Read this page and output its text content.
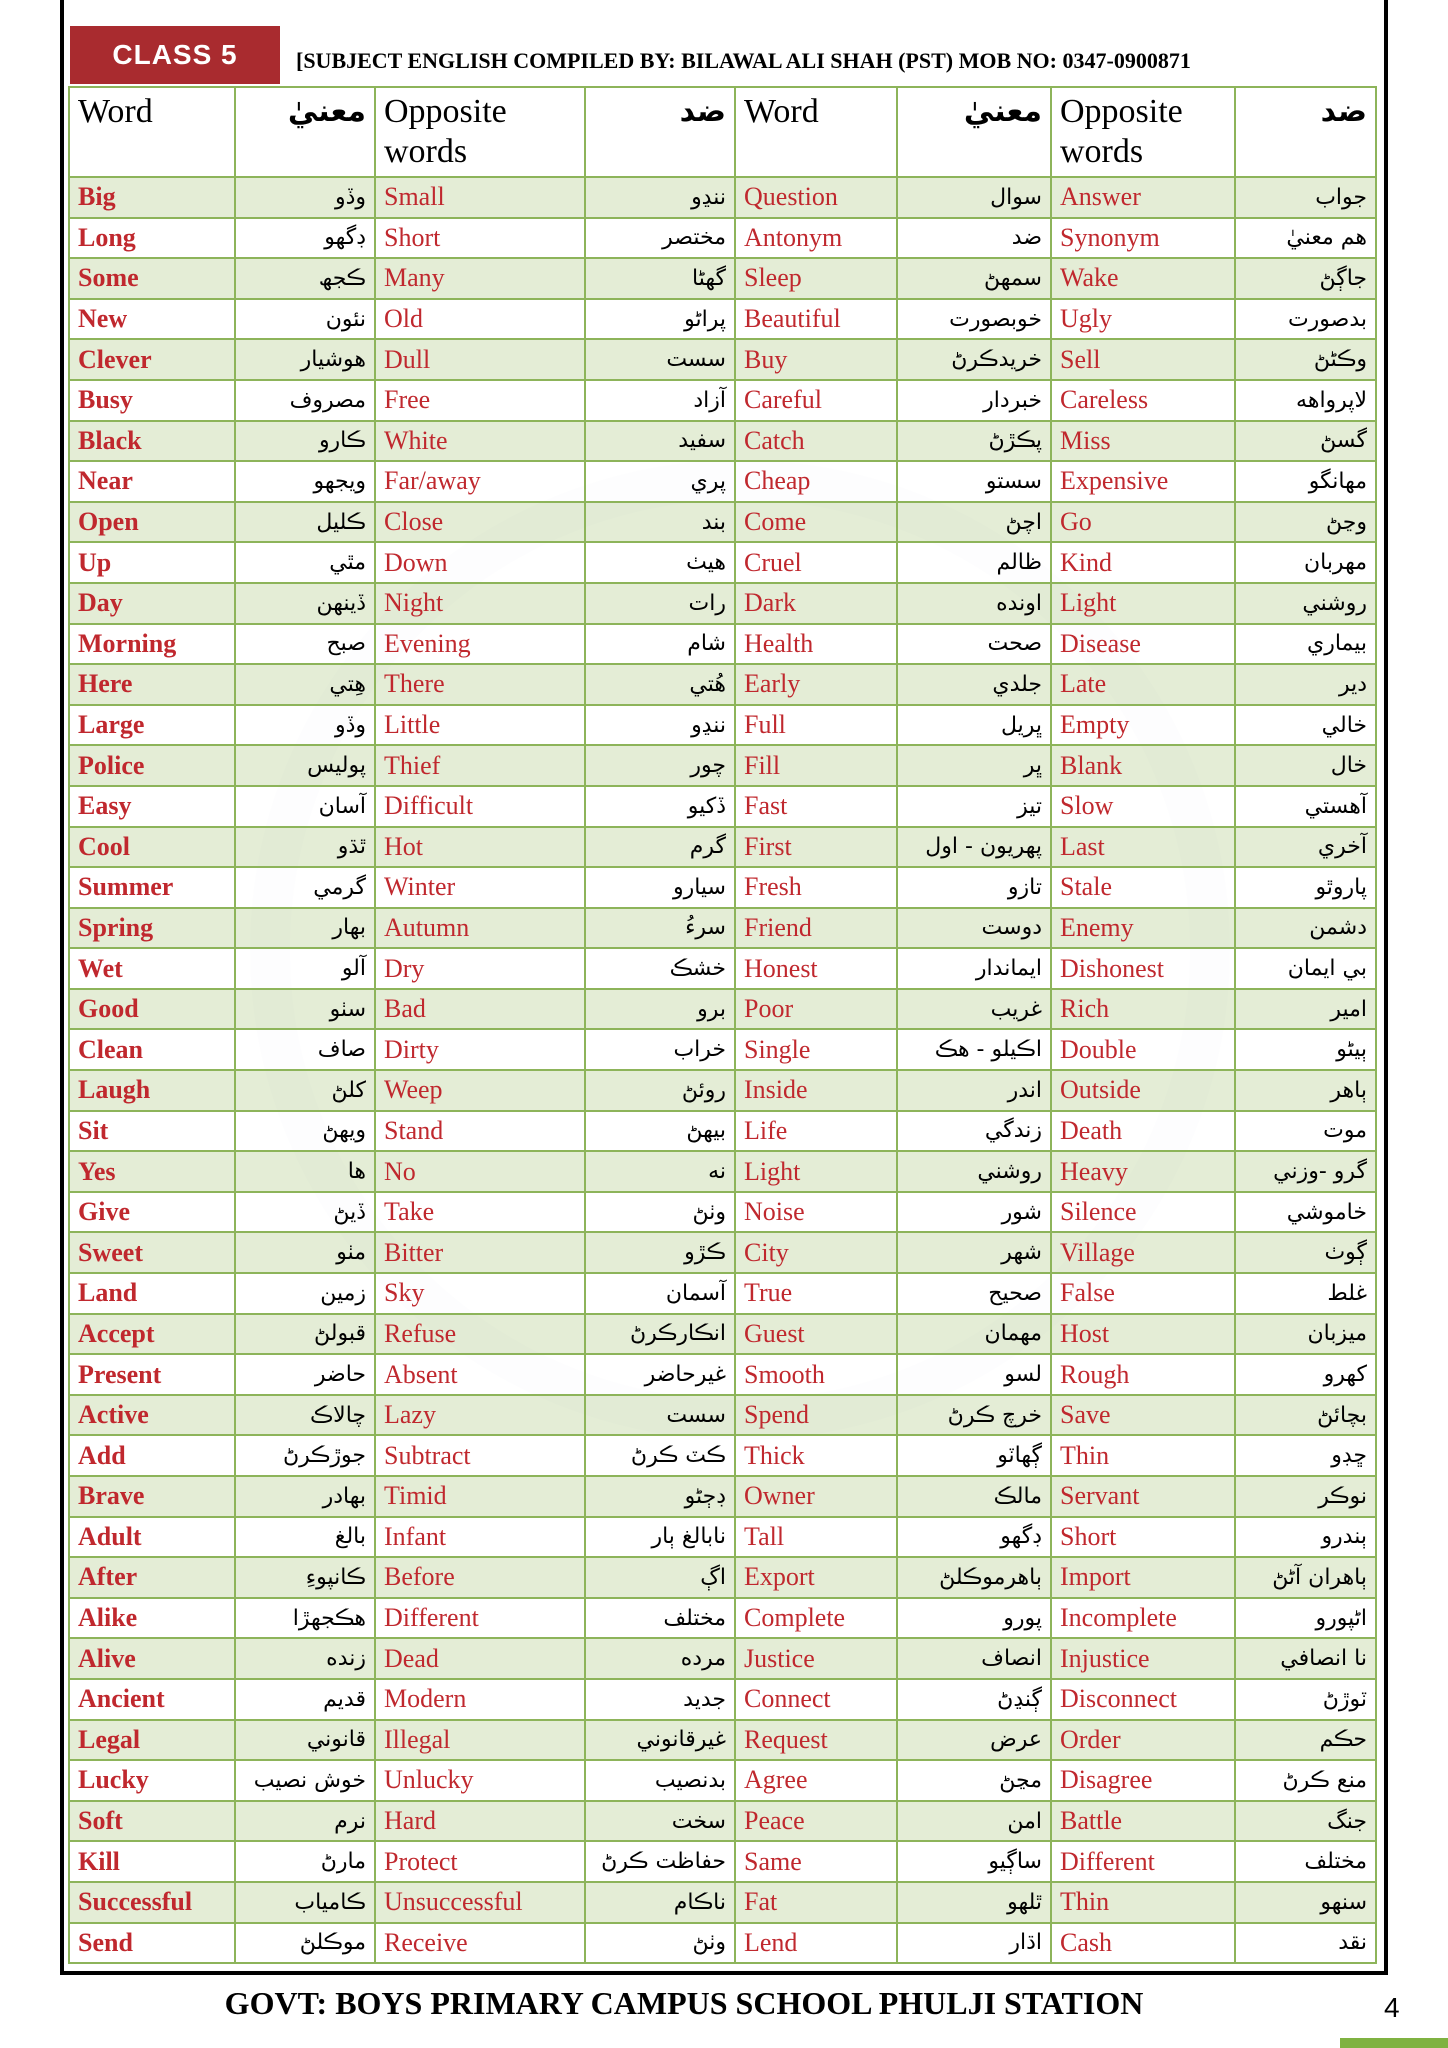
CLASS 5	[SUBJECT ENGLISH COMPILED BY: BILAWAL ALI SHAH (PST) MOB NO: 0347-0900871
Word	معنيٰ	Opposite words	ضد	Word	معنيٰ	Opposite words	ضد
Big	وڏو	Small	ننڍو	Question	سوال	Answer	جواب
Long	ڊگهو	Short	مختصر	Antonym	ضد	Synonym	هم معنيٰ
Some	ڪجھ	Many	گھڻا	Sleep	سمهڻ	Wake	جاڳڻ
New	نئون	Old	پراڻو	Beautiful	خوبصورت	Ugly	بدصورت
Clever	هوشيار	Dull	سست	Buy	خريدڪرڻ	Sell	وڪڻڻ
Busy	مصروف	Free	آزاد	Careful	خبردار	Careless	لاپرواهه
Black	ڪارو	White	سفيد	Catch	پڪڙڻ	Miss	گسڻ
Near	ويجهو	Far/away	پري	Cheap	سستو	Expensive	مهانگو
Open	ڪليل	Close	بند	Come	اچڻ	Go	وڃڻ
Up	مٿي	Down	هيٺ	Cruel	ظالم	Kind	مهربان
Day	ڏينهن	Night	رات	Dark	اونده	Light	روشني
Morning	صبح	Evening	شام	Health	صحت	Disease	بيماري
Here	هِتي	There	هُتي	Early	جلدي	Late	دير
Large	وڏو	Little	ننڍو	Full	ڀريل	Empty	خالي
Police	پوليس	Thief	چور	Fill	ڀر	Blank	خال
Easy	آسان	Difficult	ڏکيو	Fast	تيز	Slow	آهستي
Cool	ٿڌو	Hot	گرم	First	پهريون - اول	Last	آخري
Summer	گرمي	Winter	سيارو	Fresh	تازو	Stale	پاروٿو
Spring	بهار	Autumn	سرءُ	Friend	دوست	Enemy	دشمن
Wet	آلو	Dry	خشڪ	Honest	ايماندار	Dishonest	بي ايمان
Good	سٺو	Bad	برو	Poor	غريب	Rich	امير
Clean	صاف	Dirty	خراب	Single	اڪيلو - هڪ	Double	ٻيڻو
Laugh	کلڻ	Weep	روئڻ	Inside	اندر	Outside	ٻاهر
Sit	ويهڻ	Stand	بيهڻ	Life	زندگي	Death	موت
Yes	ها	No	نه	Light	روشني	Heavy	گرو -وزني
Give	ڏيڻ	Take	وٺڻ	Noise	شور	Silence	خاموشي
Sweet	مٺو	Bitter	ڪڙو	City	شهر	Village	ڳوٺ
Land	زمين	Sky	آسمان	True	صحيح	False	غلط
Accept	قبولڻ	Refuse	انڪارڪرڻ	Guest	مهمان	Host	ميزبان
Present	حاضر	Absent	غيرحاضر	Smooth	لسو	Rough	کهرو
Active	چالاڪ	Lazy	سست	Spend	خرچ ڪرڻ	Save	بچائڻ
Add	جوڙڪرڻ	Subtract	ڪٽ ڪرڻ	Thick	ڳهاٽو	Thin	ڇڊو
Brave	بهادر	Timid	ڊڄڻو	Owner	مالڪ	Servant	نوڪر
Adult	بالغ	Infant	نابالغ ٻار	Tall	ڊگهو	Short	ٻندرو
After	ڪانپوءِ	Before	اڳ	Export	ٻاهرموڪلڻ	Import	ٻاهران آڻڻ
Alike	هڪجهڙا	Different	مختلف	Complete	پورو	Incomplete	اڻپورو
Alive	زنده	Dead	مرده	Justice	انصاف	Injustice	نا انصافي
Ancient	قديم	Modern	جديد	Connect	ڳنڍڻ	Disconnect	ٽوڙڻ
Legal	قانوني	Illegal	غيرقانوني	Request	عرض	Order	حڪم
Lucky	خوش نصيب	Unlucky	بدنصيب	Agree	مڃڻ	Disagree	منع ڪرڻ
Soft	نرم	Hard	سخت	Peace	امن	Battle	جنگ
Kill	مارڻ	Protect	حفاظت ڪرڻ	Same	ساڳيو	Different	مختلف
Successful	ڪامياب	Unsuccessful	ناڪام	Fat	ٿلهو	Thin	سنهو
Send	موڪلڻ	Receive	وٺڻ	Lend	اڌار	Cash	نقد
GOVT: BOYS PRIMARY CAMPUS SCHOOL PHULJI STATION	4
